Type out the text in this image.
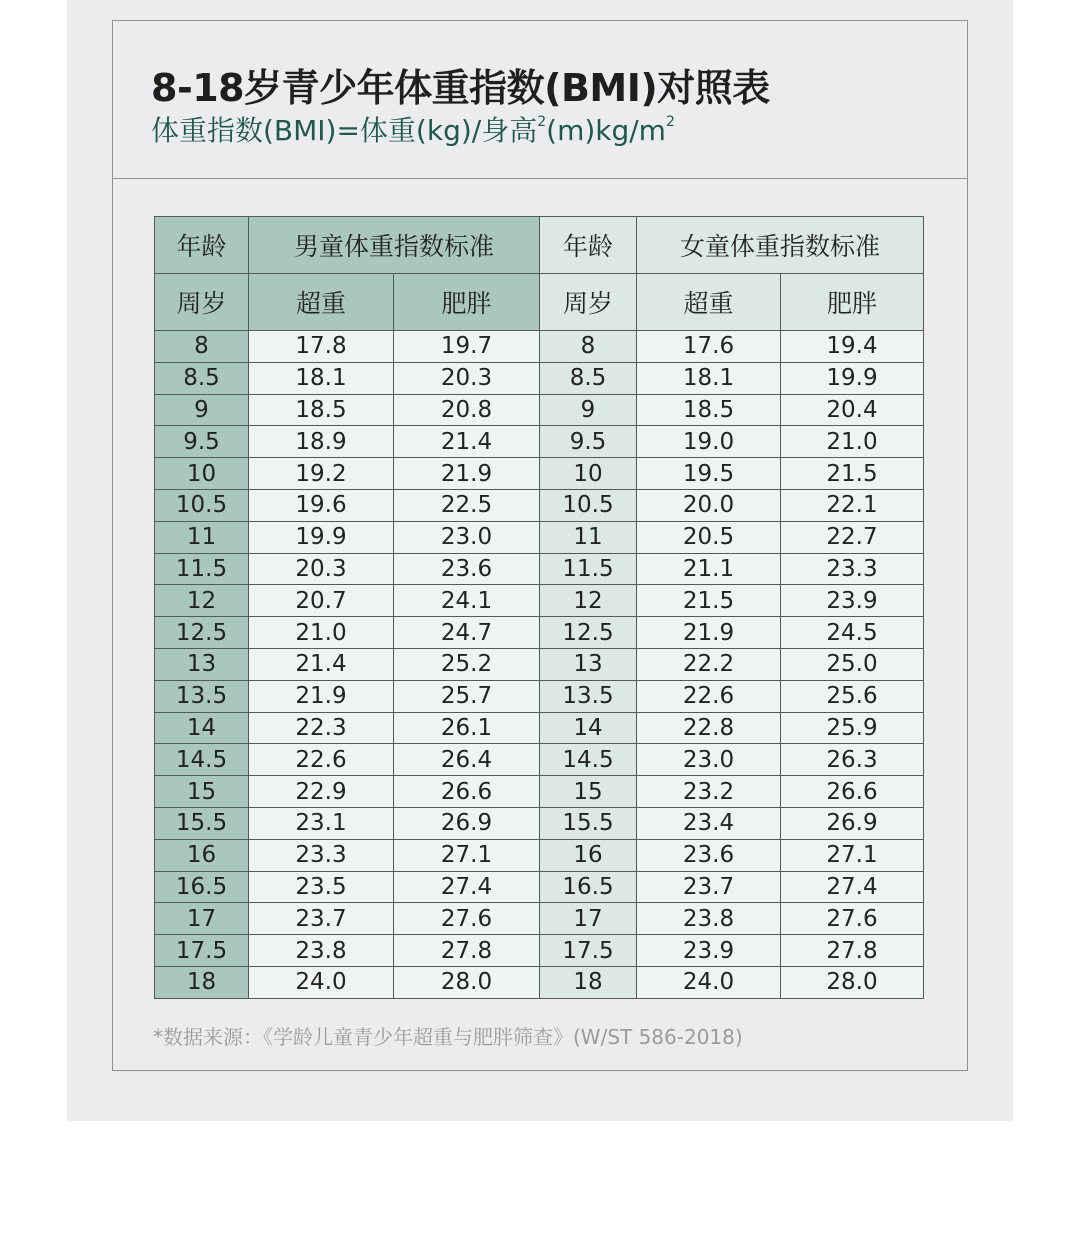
8-18岁青少年体重指数(BMI)对照表
体重指数(BMI)=体重(kg)/身高$^2(m)kg/m^2$
年龄	男童体重指数标准		年龄	女童体重指数标准	
周岁	超重	肥胖	周岁	超重	肥胖
8	17.8	19.7	8	17.6	19.4
8.5	18.1	20.3	8.5	18.1	19.9
9	18.5	20.8	9	18.5	20.4
9.5	18.9	21.4	9.5	19.0	21.0
10	19.2	21.9	10	19.5	21.5
10.5	19.6	22.5	10.5	20.0	22.1
11	19.9	23.0	11	20.5	22.7
11.5	20.3	23.6	11.5	21.1	23.3
12	20.7	24.1	12	21.5	23.9
12.5	21.0	24.7	12.5	21.9	24.5
13	21.4	25.2	13	22.2	25.0
13.5	21.9	25.7	13.5	22.6	25.6
14	22.3	26.1	14	22.8	25.9
14.5	22.6	26.4	14.5	23.0	26.3
15	22.9	26.6	15	23.2	26.6
15.5	23.1	26.9	15.5	23.4	26.9
16	23.3	27.1	16	23.6	27.1
16.5	23.5	27.4	16.5	23.7	27.4
17	23.7	27.6	17	23.8	27.6
17.5	23.8	27.8	17.5	23.9	27.8
18	24.0	28.0	18	24.0	28.0
*数据来源：《学龄儿童青少年超重与肥胖筛查》(W/ST 586-2018)
